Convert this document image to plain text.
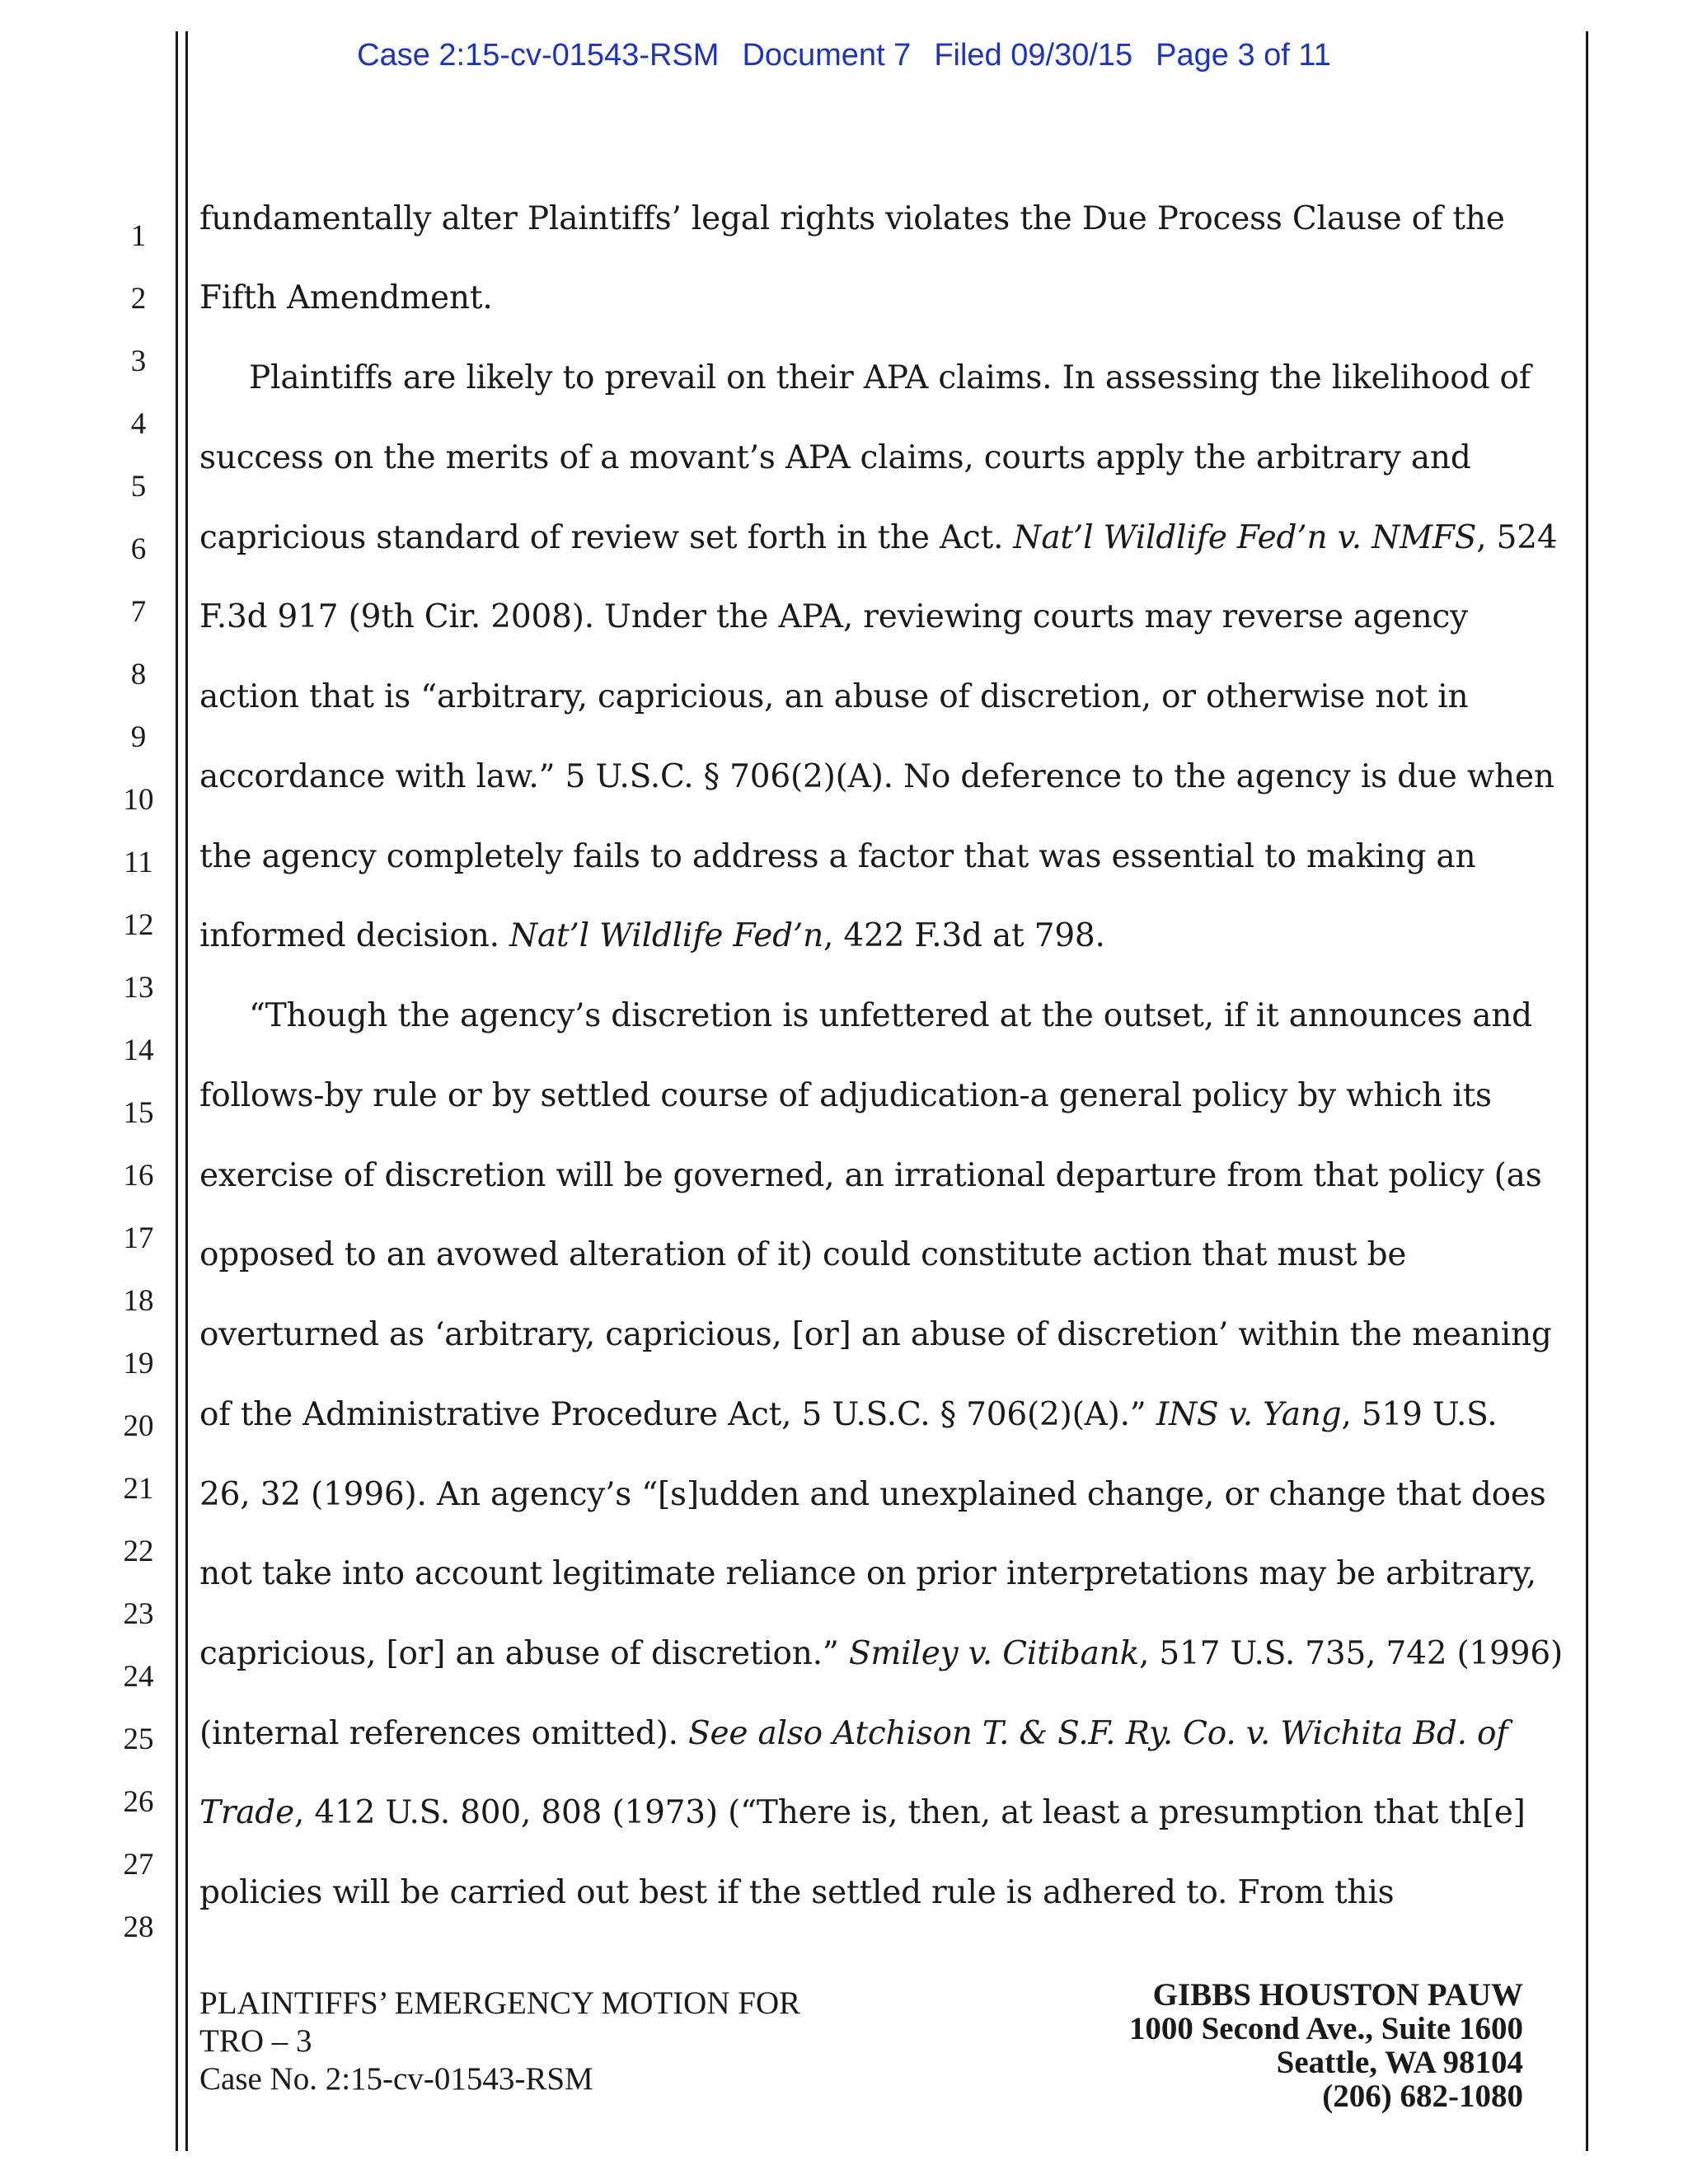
Case 2:15-cv-01543-RSM Document 7 Filed 09/30/15 Page 3 of 11
1
2
3
4
5
6
7
8
9
10
11
12
13
14
15
16
17
18
19
20
21
22
23
24
25
26
27
28
fundamentally alter Plaintiffs’ legal rights violates the Due Process Clause of the
Fifth Amendment.
Plaintiffs are likely to prevail on their APA claims. In assessing the likelihood of
success on the merits of a movant’s APA claims, courts apply the arbitrary and
capricious standard of review set forth in the Act. Nat’l Wildlife Fed’n v. NMFS, 524
F.3d 917 (9th Cir. 2008). Under the APA, reviewing courts may reverse agency
action that is “arbitrary, capricious, an abuse of discretion, or otherwise not in
accordance with law.” 5 U.S.C. § 706(2)(A). No deference to the agency is due when
the agency completely fails to address a factor that was essential to making an
informed decision. Nat’l Wildlife Fed’n, 422 F.3d at 798.
“Though the agency’s discretion is unfettered at the outset, if it announces and
follows-by rule or by settled course of adjudication-a general policy by which its
exercise of discretion will be governed, an irrational departure from that policy (as
opposed to an avowed alteration of it) could constitute action that must be
overturned as ‘arbitrary, capricious, [or] an abuse of discretion’ within the meaning
of the Administrative Procedure Act, 5 U.S.C. § 706(2)(A).” INS v. Yang, 519 U.S.
26, 32 (1996). An agency’s “[s]udden and unexplained change, or change that does
not take into account legitimate reliance on prior interpretations may be arbitrary,
capricious, [or] an abuse of discretion.” Smiley v. Citibank, 517 U.S. 735, 742 (1996)
(internal references omitted). See also Atchison T. & S.F. Ry. Co. v. Wichita Bd. of
Trade, 412 U.S. 800, 808 (1973) (“There is, then, at least a presumption that th[e]
policies will be carried out best if the settled rule is adhered to. From this
PLAINTIFFS’ EMERGENCY MOTION FOR
TRO – 3
Case No. 2:15-cv-01543-RSM
GIBBS HOUSTON PAUW
1000 Second Ave., Suite 1600
Seattle, WA 98104
(206) 682-1080
